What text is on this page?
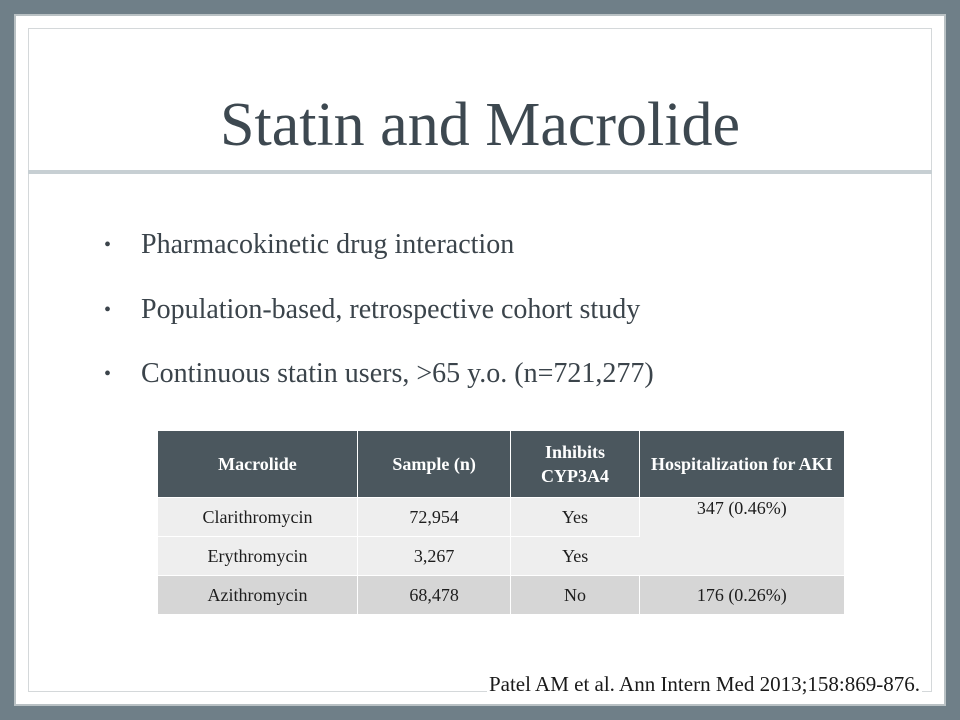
Statin and Macrolide
• Pharmacokinetic drug interaction
• Population-based, retrospective cohort study
• Continuous statin users, >65 y.o. (n=721,277)
Macrolide	Sample (n)	Inhibits CYP3A4	Hospitalization for AKI
Clarithromycin	72,954	Yes	347 (0.46%)
Erythromycin	3,267	Yes	
Azithromycin	68,478	No	176 (0.26%)
Patel AM et al. Ann Intern Med 2013;158:869-876.
